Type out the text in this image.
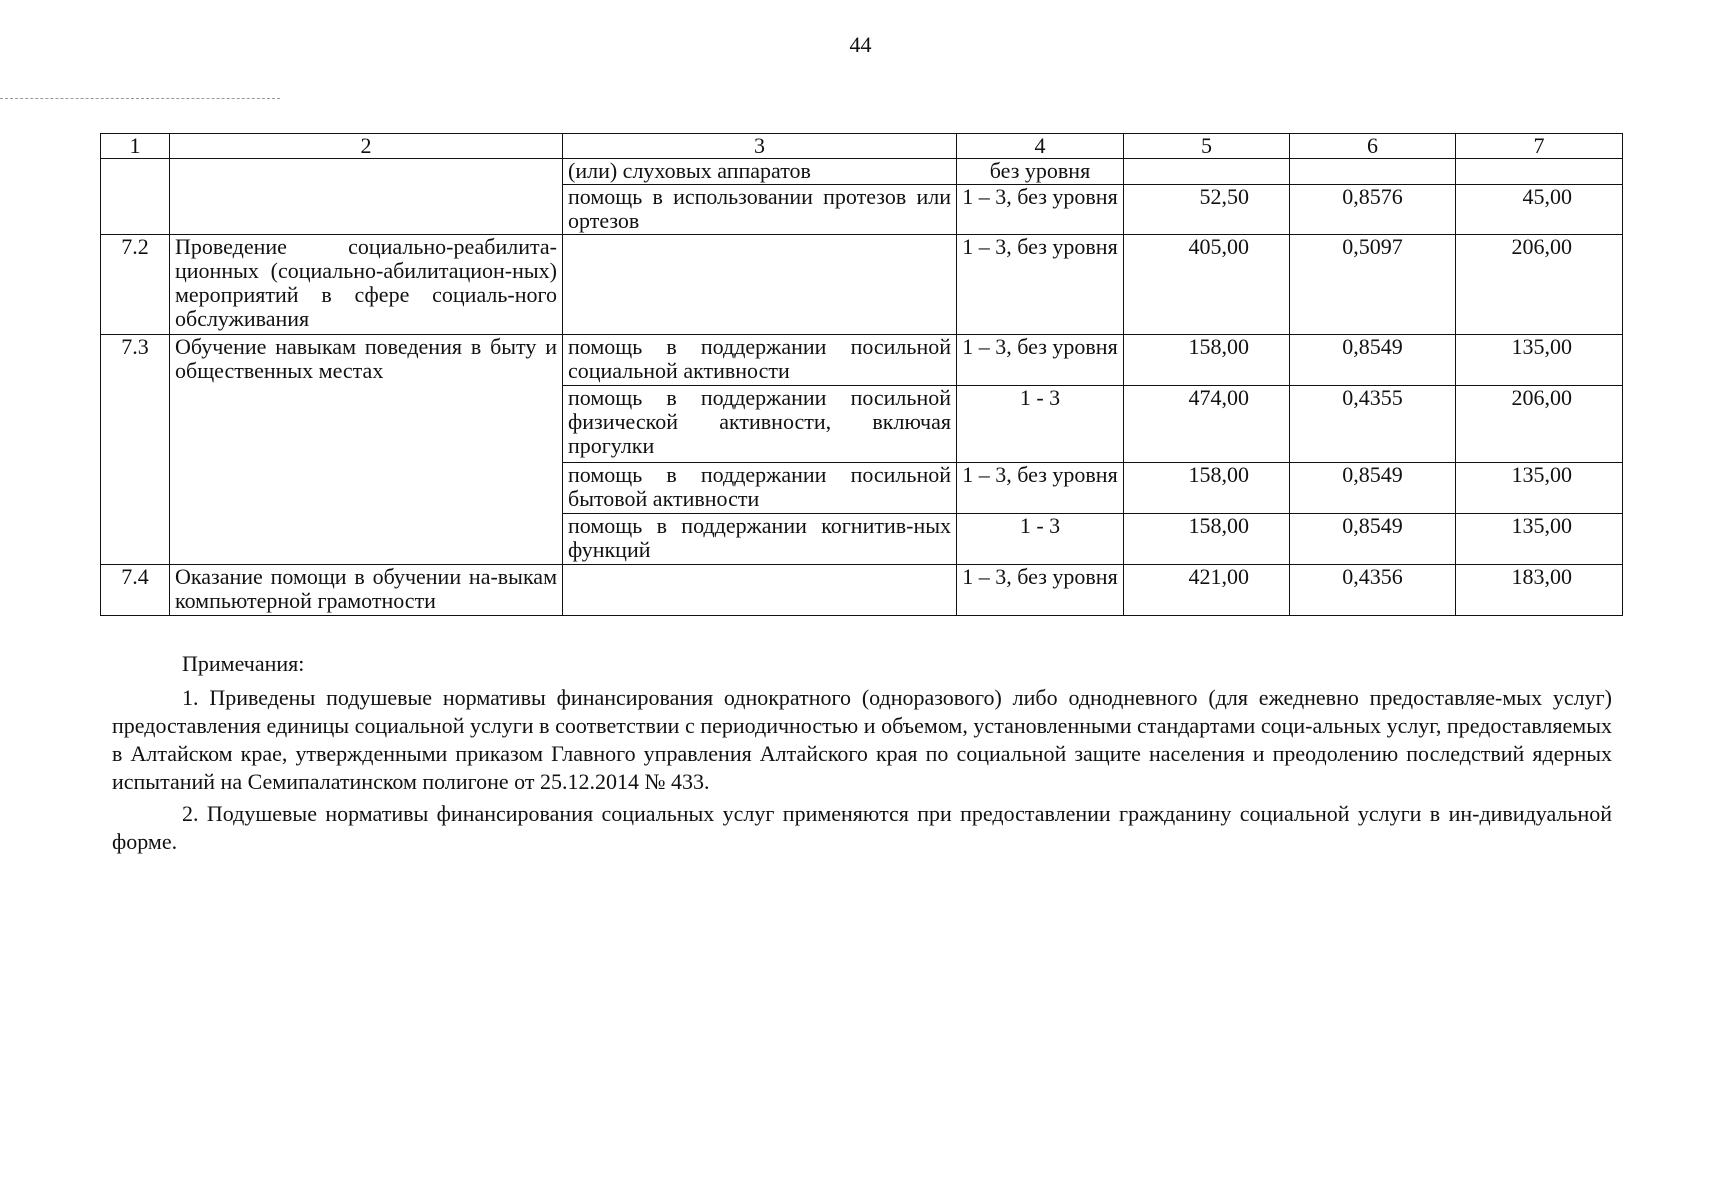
44
1	2	3	4	5	6	7
		(или) слуховых аппаратов	без уровня			
		помощь в использовании протезов или ортезов	1 – 3, без уровня	52,50	0,8576	45,00
7.2	Проведение социально-реабилита-ционных (социально-абилитацион-ных) мероприятий в сфере социаль-ного обслуживания		1 – 3, без уровня	405,00	0,5097	206,00
7.3	Обучение навыкам поведения в быту и общественных местах	помощь в поддержании посильной социальной активности	1 – 3, без уровня	158,00	0,8549	135,00
		помощь в поддержании посильной физической активности, включая прогулки	1 - 3	474,00	0,4355	206,00
		помощь в поддержании посильной бытовой активности	1 – 3, без уровня	158,00	0,8549	135,00
		помощь в поддержании когнитив-ных функций	1 - 3	158,00	0,8549	135,00
7.4	Оказание помощи в обучении на-выкам компьютерной грамотности		1 – 3, без уровня	421,00	0,4356	183,00
Примечания:

1. Приведены подушевые нормативы финансирования однократного (одноразового) либо однодневного (для ежедневно предоставляе-мых услуг) предоставления единицы социальной услуги в соответствии с периодичностью и объемом, установленными стандартами соци-альных услуг, предоставляемых в Алтайском крае, утвержденными приказом Главного управления Алтайского края по социальной защите населения и преодолению последствий ядерных испытаний на Семипалатинском полигоне от 25.12.2014 № 433.

2. Подушевые нормативы финансирования социальных услуг применяются при предоставлении гражданину социальной услуги в ин-дивидуальной форме.
